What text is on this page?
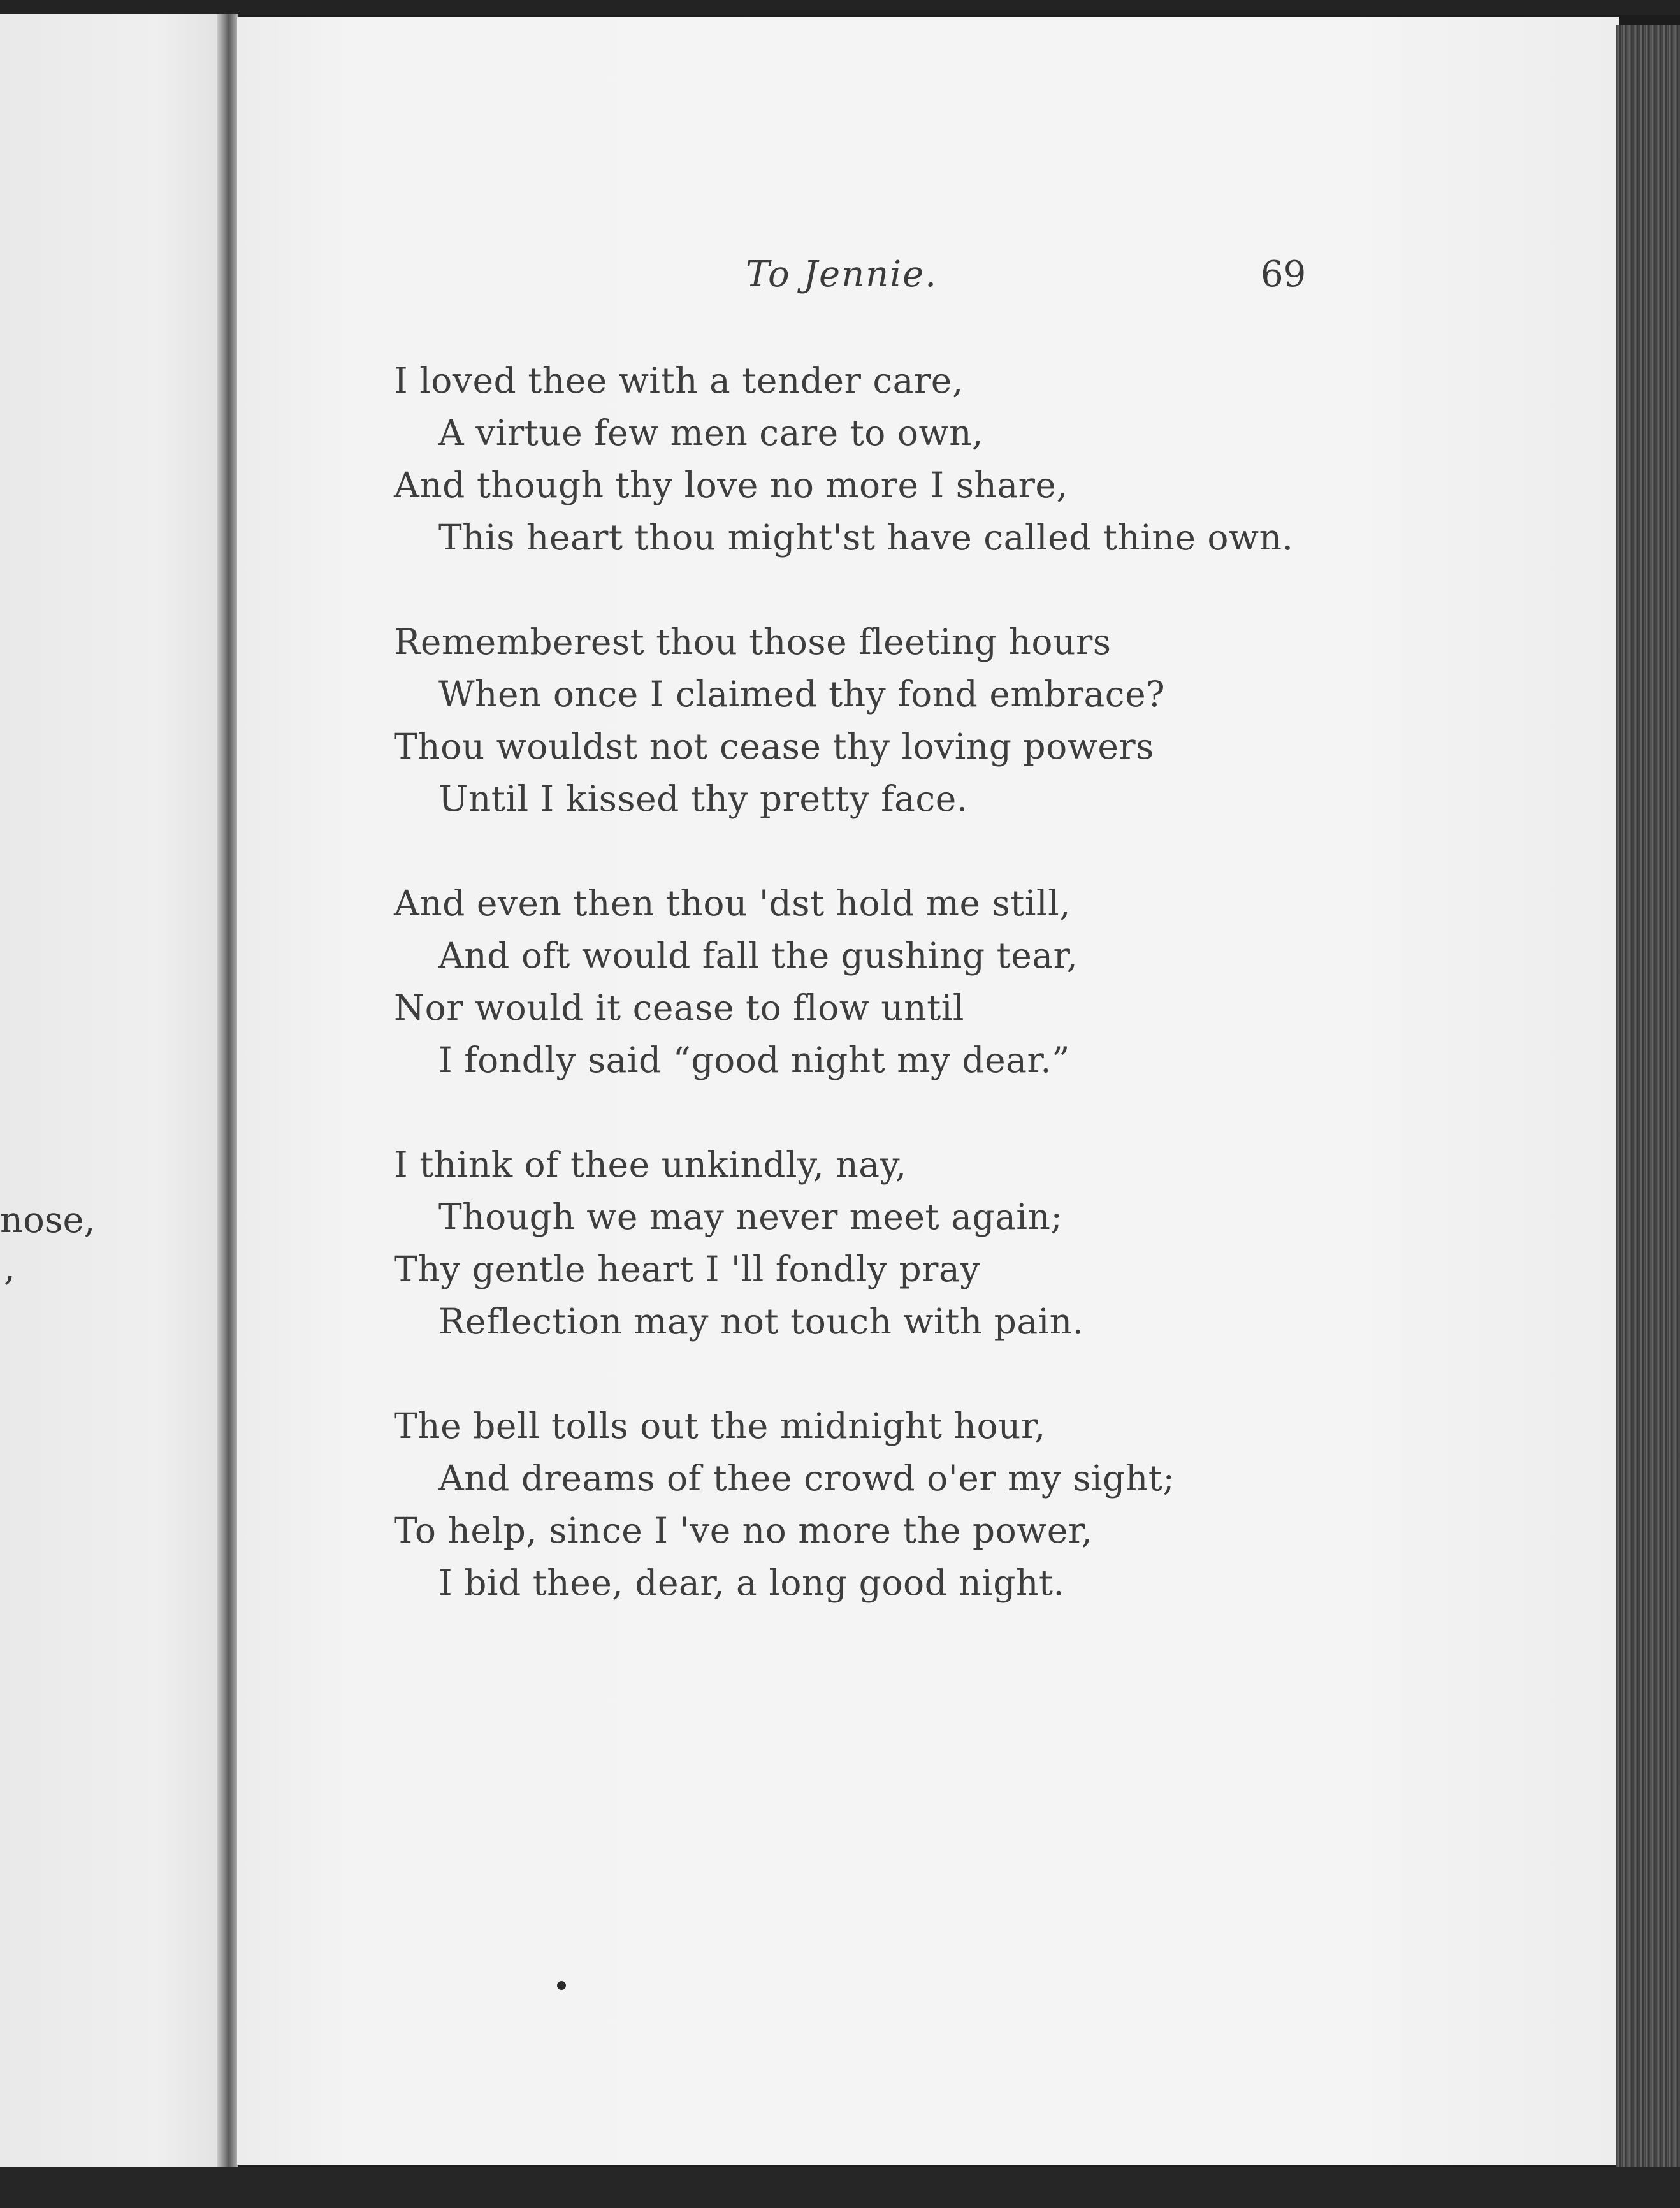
nose,
,
To Jennie.	69
I loved thee with a tender care,
A virtue few men care to own,
And though thy love no more I share,
This heart thou might'st have called thine own.
Rememberest thou those fleeting hours
When once I claimed thy fond embrace?
Thou wouldst not cease thy loving powers
Until I kissed thy pretty face.
And even then thou 'dst hold me still,
And oft would fall the gushing tear,
Nor would it cease to flow until
I fondly said “good night my dear.”
I think of thee unkindly, nay,
Though we may never meet again;
Thy gentle heart I 'll fondly pray
Reflection may not touch with pain.
The bell tolls out the midnight hour,
And dreams of thee crowd o'er my sight;
To help, since I 've no more the power,
I bid thee, dear, a long good night.
